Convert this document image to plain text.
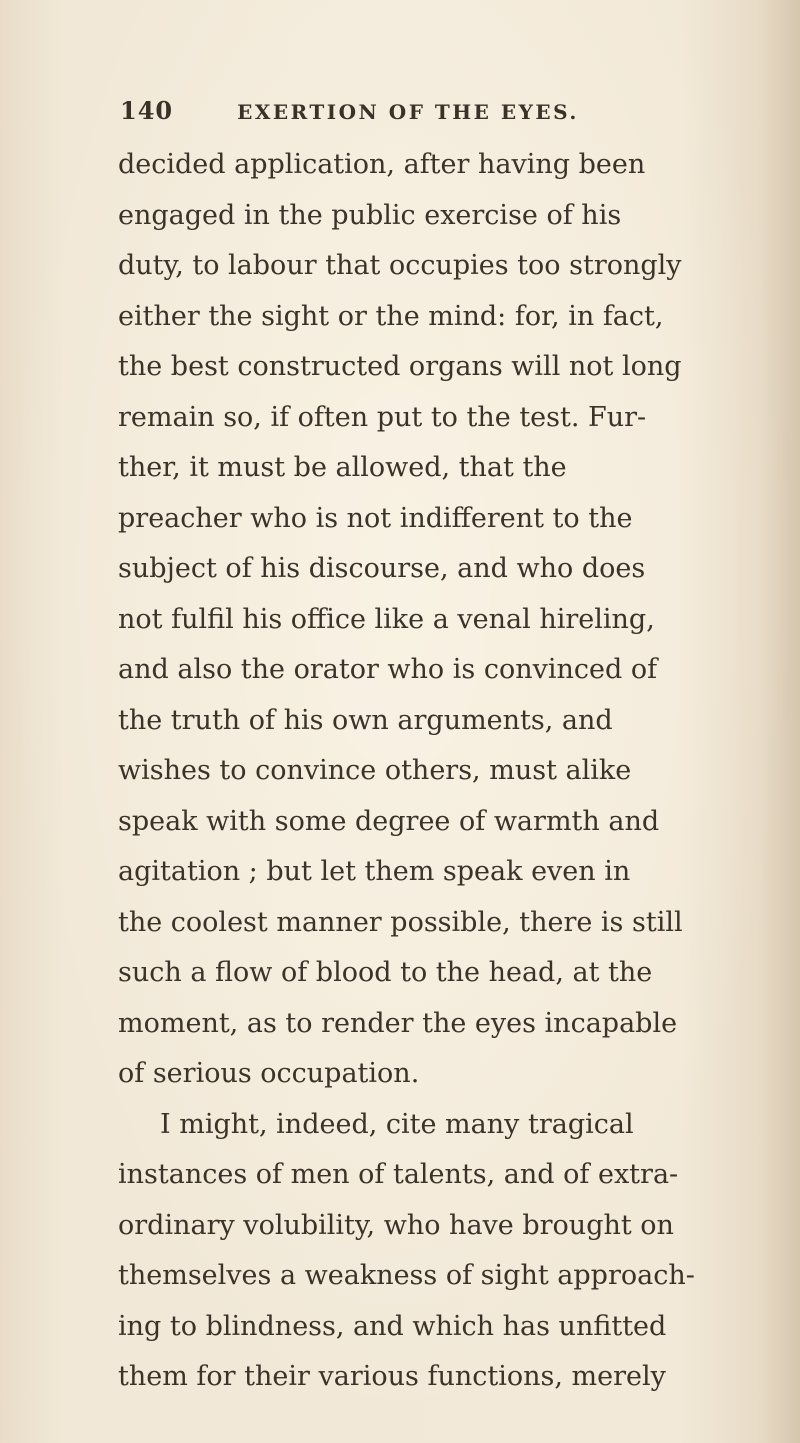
140	EXERTION OF THE EYES.
decided application, after having been
engaged in the public exercise of his
duty, to labour that occupies too strongly
either the sight or the mind: for, in fact,
the best constructed organs will not long
remain so, if often put to the test. Fur-
ther, it must be allowed, that the
preacher who is not indifferent to the
subject of his discourse, and who does
not fulfil his office like a venal hireling,
and also the orator who is convinced of
the truth of his own arguments, and
wishes to convince others, must alike
speak with some degree of warmth and
agitation ; but let them speak even in
the coolest manner possible, there is still
such a flow of blood to the head, at the
moment, as to render the eyes incapable
of serious occupation.
I might, indeed, cite many tragical
instances of men of talents, and of extra-
ordinary volubility, who have brought on
themselves a weakness of sight approach-
ing to blindness, and which has unfitted
them for their various functions, merely
